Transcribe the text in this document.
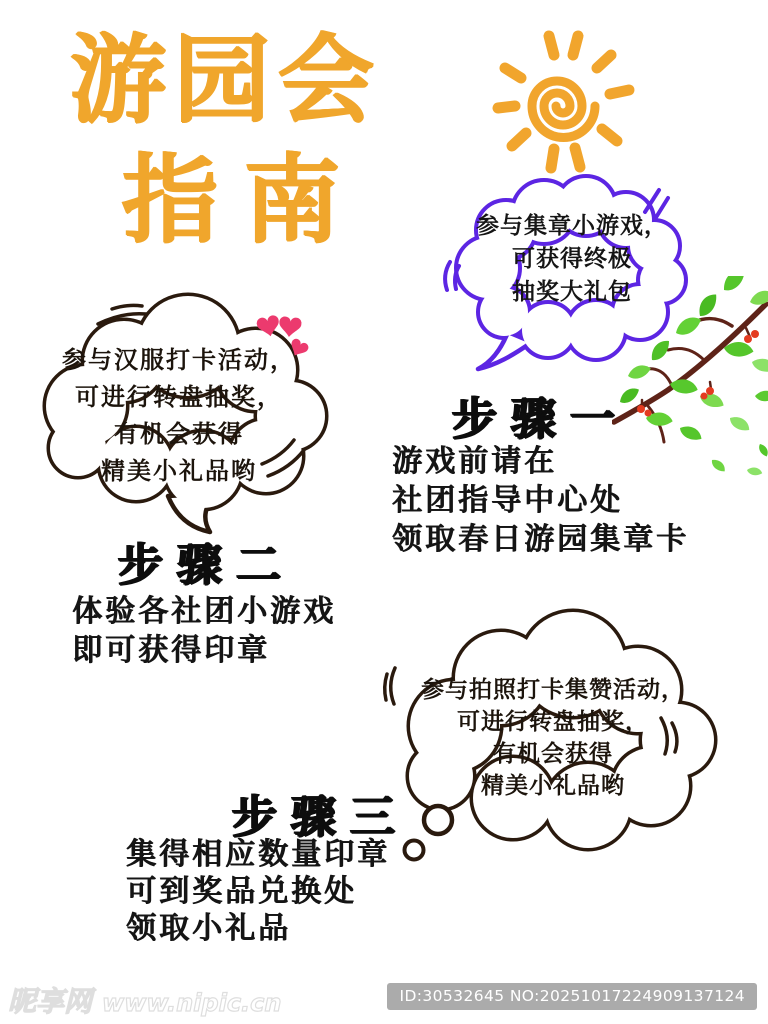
游园会
指南	参与集章小游戏，
可获得终极
抽奖大礼包
参与汉服打卡活动，
可进行转盘抽奖，
有机会获得
精美小礼品哟
参与拍照打卡集赞活动，
可进行转盘抽奖，
有机会获得
精美小礼品哟
步骤一
游戏前请在
社团指导中心处
领取春日游园集章卡
步骤二
体验各社团小游戏
即可获得印章
步骤三
集得相应数量印章
可到奖品兑换处
领取小礼品
昵享网 www.nipic.cn	ID:30532645 NO:20251017224909137124
